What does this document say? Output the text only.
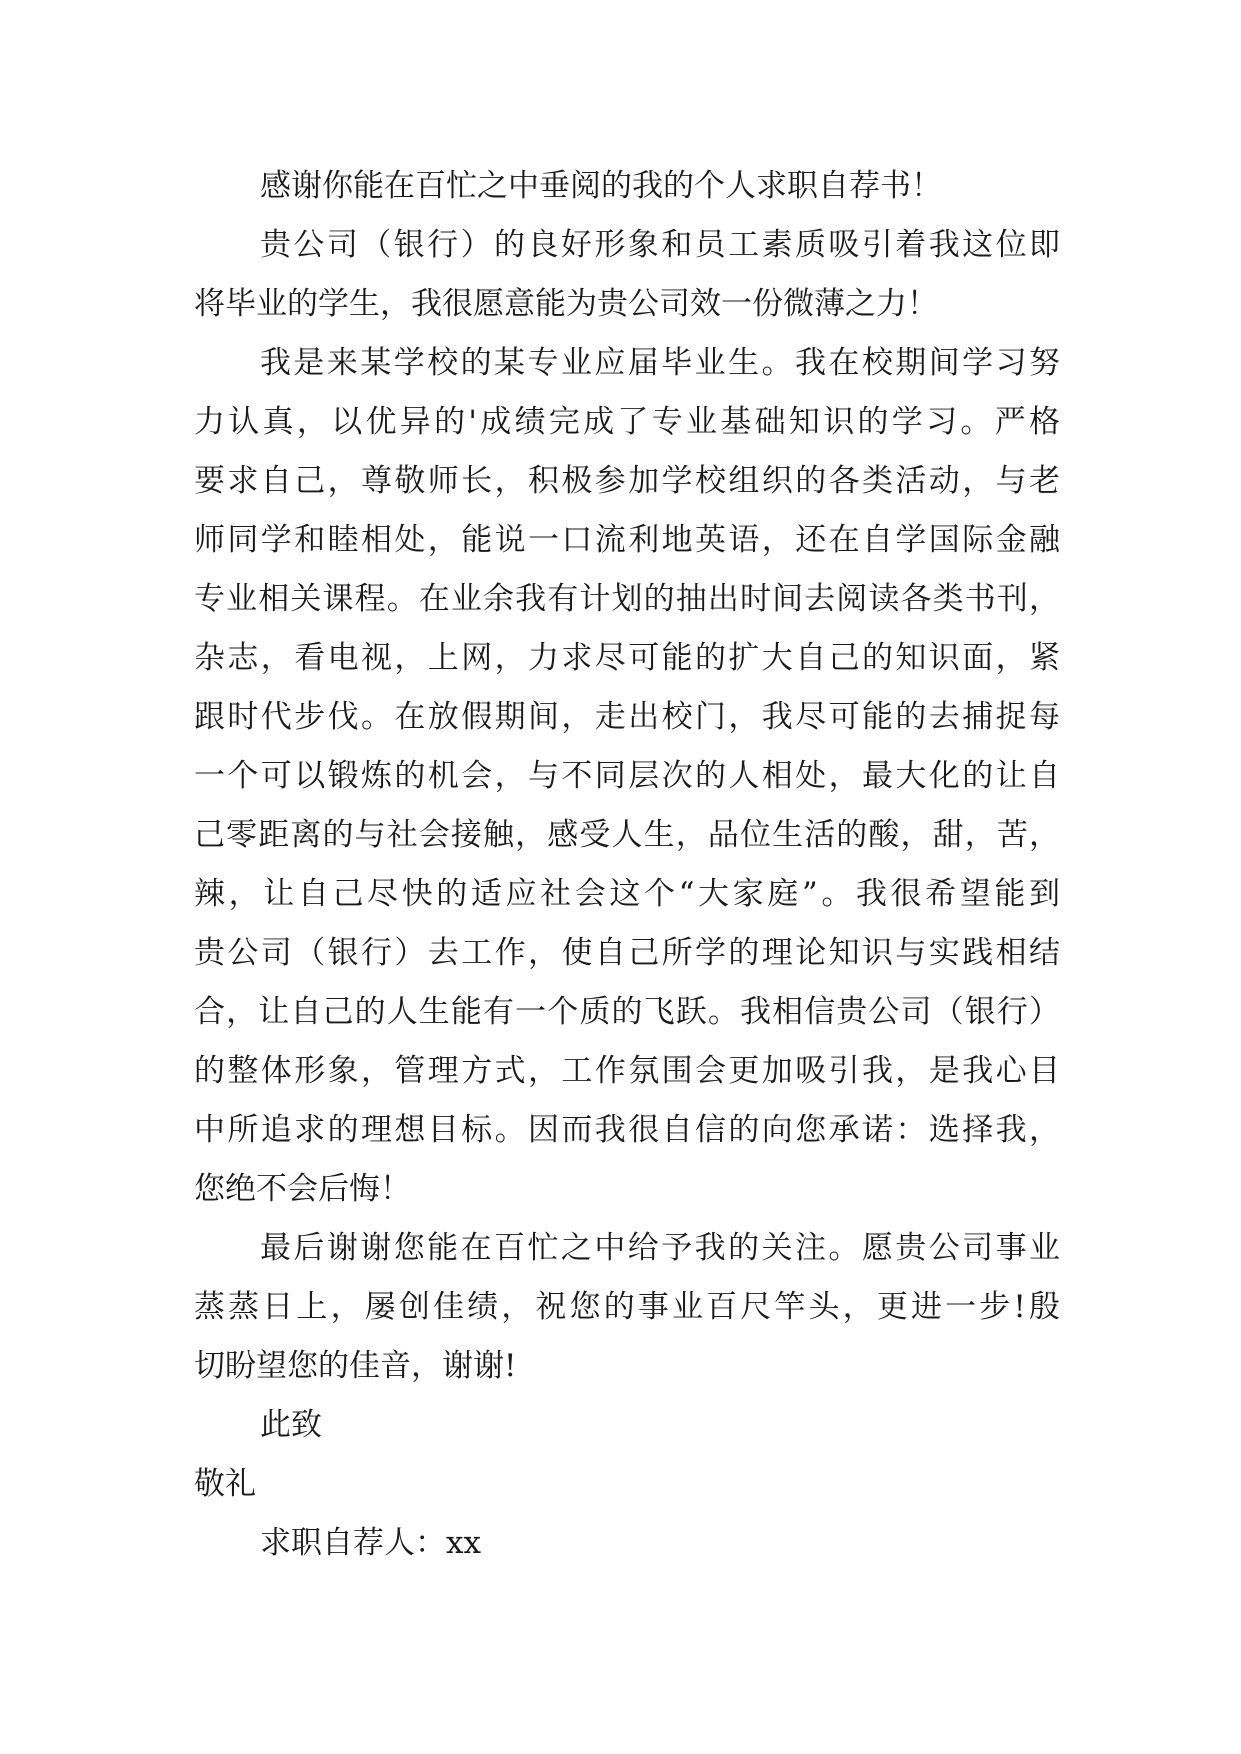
感谢你能在百忙之中垂阅的我的个人求职自荐书！
贵公司（银行）的良好形象和员工素质吸引着我这位即
将毕业的学生，我很愿意能为贵公司效一份微薄之力！
我是来某学校的某专业应届毕业生。我在校期间学习努
力认真，以优异的'成绩完成了专业基础知识的学习。严格
要求自己，尊敬师长，积极参加学校组织的各类活动，与老
师同学和睦相处，能说一口流利地英语，还在自学国际金融
专业相关课程。在业余我有计划的抽出时间去阅读各类书刊，
杂志，看电视，上网，力求尽可能的扩大自己的知识面，紧
跟时代步伐。在放假期间，走出校门，我尽可能的去捕捉每
一个可以锻炼的机会，与不同层次的人相处，最大化的让自
己零距离的与社会接触，感受人生，品位生活的酸，甜，苦，
辣，让自己尽快的适应社会这个“大家庭”。我很希望能到
贵公司（银行）去工作，使自己所学的理论知识与实践相结
合，让自己的人生能有一个质的飞跃。我相信贵公司（银行）
的整体形象，管理方式，工作氛围会更加吸引我，是我心目
中所追求的理想目标。因而我很自信的向您承诺：选择我，
您绝不会后悔！
最后谢谢您能在百忙之中给予我的关注。愿贵公司事业
蒸蒸日上，屡创佳绩，祝您的事业百尺竿头，更进一步!殷
切盼望您的佳音，谢谢!
此致
敬礼
求职自荐人：xx
